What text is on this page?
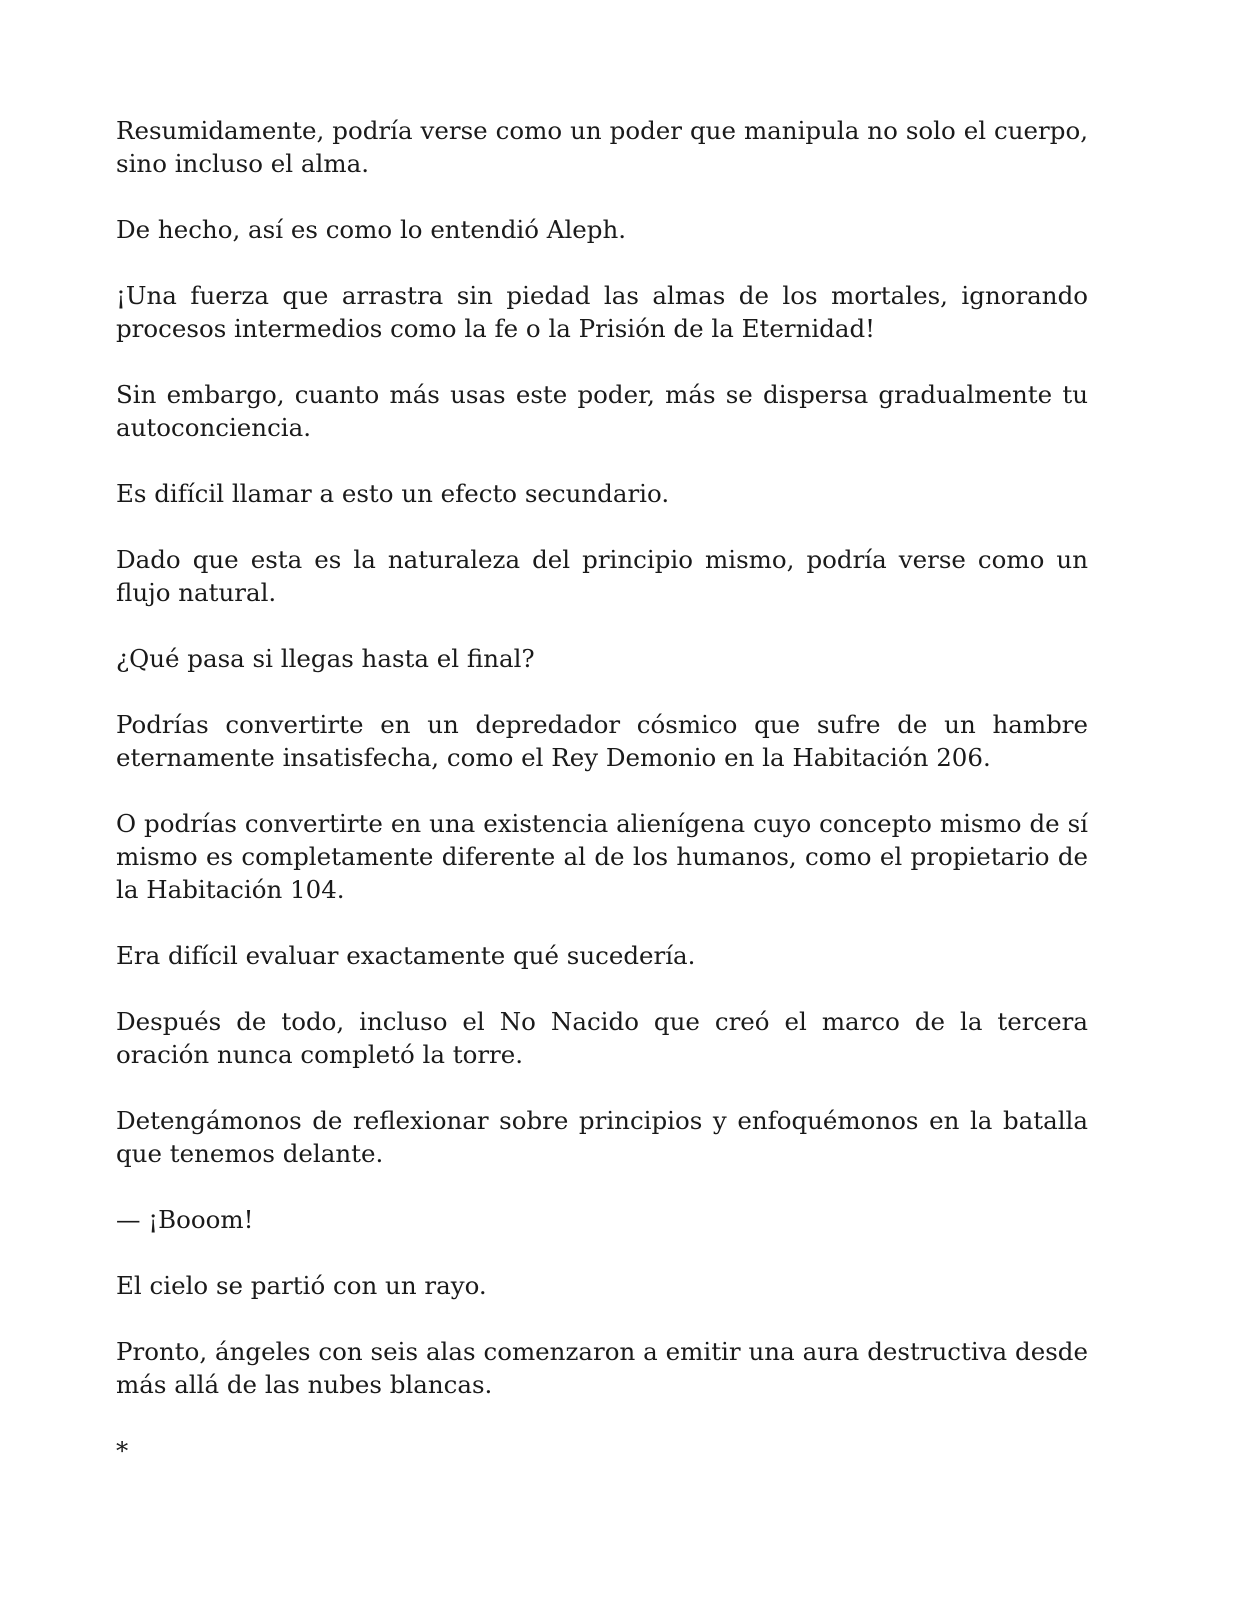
Resumidamente, podría verse como un poder que manipula no solo el cuerpo, sino incluso el alma.

De hecho, así es como lo entendió Aleph.

¡Una fuerza que arrastra sin piedad las almas de los mortales, ignorando procesos intermedios como la fe o la Prisión de la Eternidad!

Sin embargo, cuanto más usas este poder, más se dispersa gradualmente tu autoconciencia.

Es difícil llamar a esto un efecto secundario.

Dado que esta es la naturaleza del principio mismo, podría verse como un flujo natural.

¿Qué pasa si llegas hasta el final?

Podrías convertirte en un depredador cósmico que sufre de un hambre eternamente insatisfecha, como el Rey Demonio en la Habitación 206.

O podrías convertirte en una existencia alienígena cuyo concepto mismo de sí mismo es completamente diferente al de los humanos, como el propietario de la Habitación 104.

Era difícil evaluar exactamente qué sucedería.

Después de todo, incluso el No Nacido que creó el marco de la tercera oración nunca completó la torre.

Detengámonos de reflexionar sobre principios y enfoquémonos en la batalla que tenemos delante.

— ¡Booom!

El cielo se partió con un rayo.

Pronto, ángeles con seis alas comenzaron a emitir una aura destructiva desde más allá de las nubes blancas.

*
